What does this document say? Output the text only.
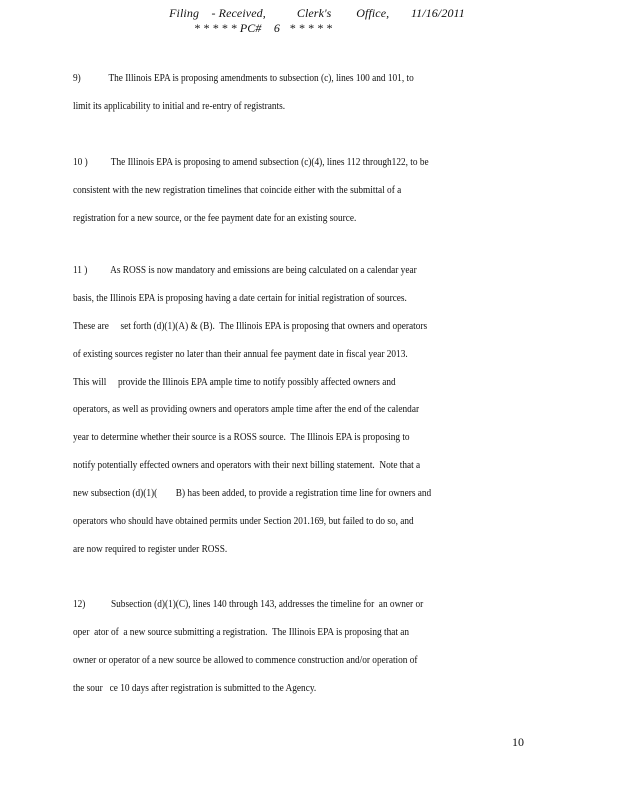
Filing    - Received,          Clerk's        Office,       11/16/2011
* * * * * PC#    6   * * * * *
9)            The Illinois EPA is proposing amendments to subsection (c), lines 100 and 101, to
limit its applicability to initial and re-entry of registrants.
10 )          The Illinois EPA is proposing to amend subsection (c)(4), lines 112 through122, to be
consistent with the new registration timelines that coincide either with the submittal of a
registration for a new source, or the fee payment date for an existing source.
11 )          As ROSS is now mandatory and emissions are being calculated on a calendar year
basis, the Illinois EPA is proposing having a date certain for initial registration of sources.
These are     set forth (d)(1)(A) & (B).  The Illinois EPA is proposing that owners and operators
of existing sources register no later than their annual fee payment date in fiscal year 2013.
This will     provide the Illinois EPA ample time to notify possibly affected owners and
operators, as well as providing owners and operators ample time after the end of the calendar
year to determine whether their source is a ROSS source.  The Illinois EPA is proposing to
notify potentially effected owners and operators with their next billing statement.  Note that a
new subsection (d)(1)(        B) has been added, to provide a registration time line for owners and
operators who should have obtained permits under Section 201.169, but failed to do so, and
are now required to register under ROSS.
12)           Subsection (d)(1)(C), lines 140 through 143, addresses the timeline for  an owner or
oper  ator of  a new source submitting a registration.  The Illinois EPA is proposing that an
owner or operator of a new source be allowed to commence construction and/or operation of
the sour   ce 10 days after registration is submitted to the Agency.
10
